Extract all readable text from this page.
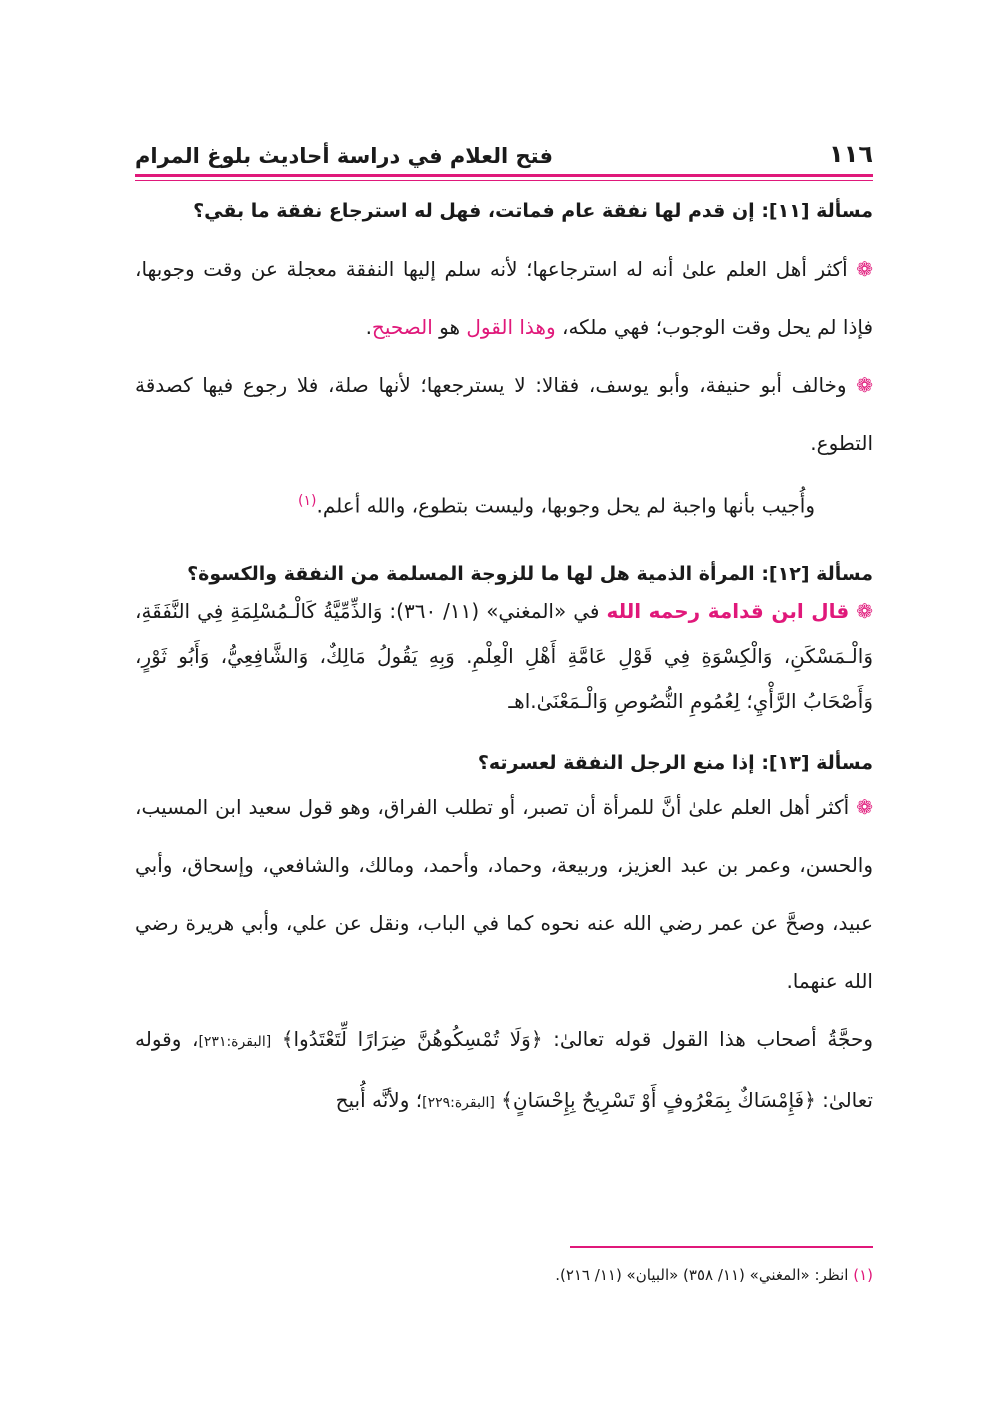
١١٦
فتح العلام في دراسة أحاديث بلوغ المرام

مسألة [١١]: إن قدم لها نفقة عام فماتت، فهل له استرجاع نفقة ما بقي؟

❁ أكثر أهل العلم علىٰ أنه له استرجاعها؛ لأنه سلم إليها النفقة معجلة عن وقت وجوبها، فإذا لم يحل وقت الوجوب؛ فهي ملكه، وهذا القول هو الصحيح.

❁ وخالف أبو حنيفة، وأبو يوسف، فقالا: لا يسترجعها؛ لأنها صلة، فلا رجوع فيها كصدقة التطوع.

وأُجيب بأنها واجبة لم يحل وجوبها، وليست بتطوع، والله أعلم.$^{(١)}$

مسألة [١٢]: المرأة الذمية هل لها ما للزوجة المسلمة من النفقة والكسوة؟

❁ قال ابن قدامة رحمه الله في «المغني» (١١/ ٣٦٠): وَالذِّمِّيَّةُ كَالْـمُسْلِمَةِ فِي النَّفَقَةِ، وَالْـمَسْكَنِ، وَالْكِسْوَةِ فِي قَوْلِ عَامَّةِ أَهْلِ الْعِلْمِ. وَبِهِ يَقُولُ مَالِكٌ، وَالشَّافِعِيُّ، وَأَبُو ثَوْرٍ، وَأَصْحَابُ الرَّأْيِ؛ لِعُمُومِ النُّصُوصِ وَالْـمَعْنَىٰ.اهـ

مسألة [١٣]: إذا منع الرجل النفقة لعسرته؟

❁ أكثر أهل العلم علىٰ أنَّ للمرأة أن تصبر، أو تطلب الفراق، وهو قول سعيد ابن المسيب، والحسن، وعمر بن عبد العزيز، وربيعة، وحماد، وأحمد، ومالك، والشافعي، وإسحاق، وأبي عبيد، وصحَّ عن عمر رضي الله عنه نحوه كما في الباب، ونقل عن علي، وأبي هريرة رضي الله عنهما.

وحجَّةُ أصحاب هذا القول قوله تعالىٰ: ﴿وَلَا تُمْسِكُوهُنَّ ضِرَارًا لِّتَعْتَدُوا﴾ [البقرة:٢٣١]، وقوله تعالىٰ: ﴿فَإِمْسَاكٌ بِمَعْرُوفٍ أَوْ تَسْرِيحٌ بِإِحْسَانٍ﴾ [البقرة:٢٢٩]؛ ولأنَّه أُبيح

(١) انظر: «المغني» (١١/ ٣٥٨) «البيان» (١١/ ٢١٦).
